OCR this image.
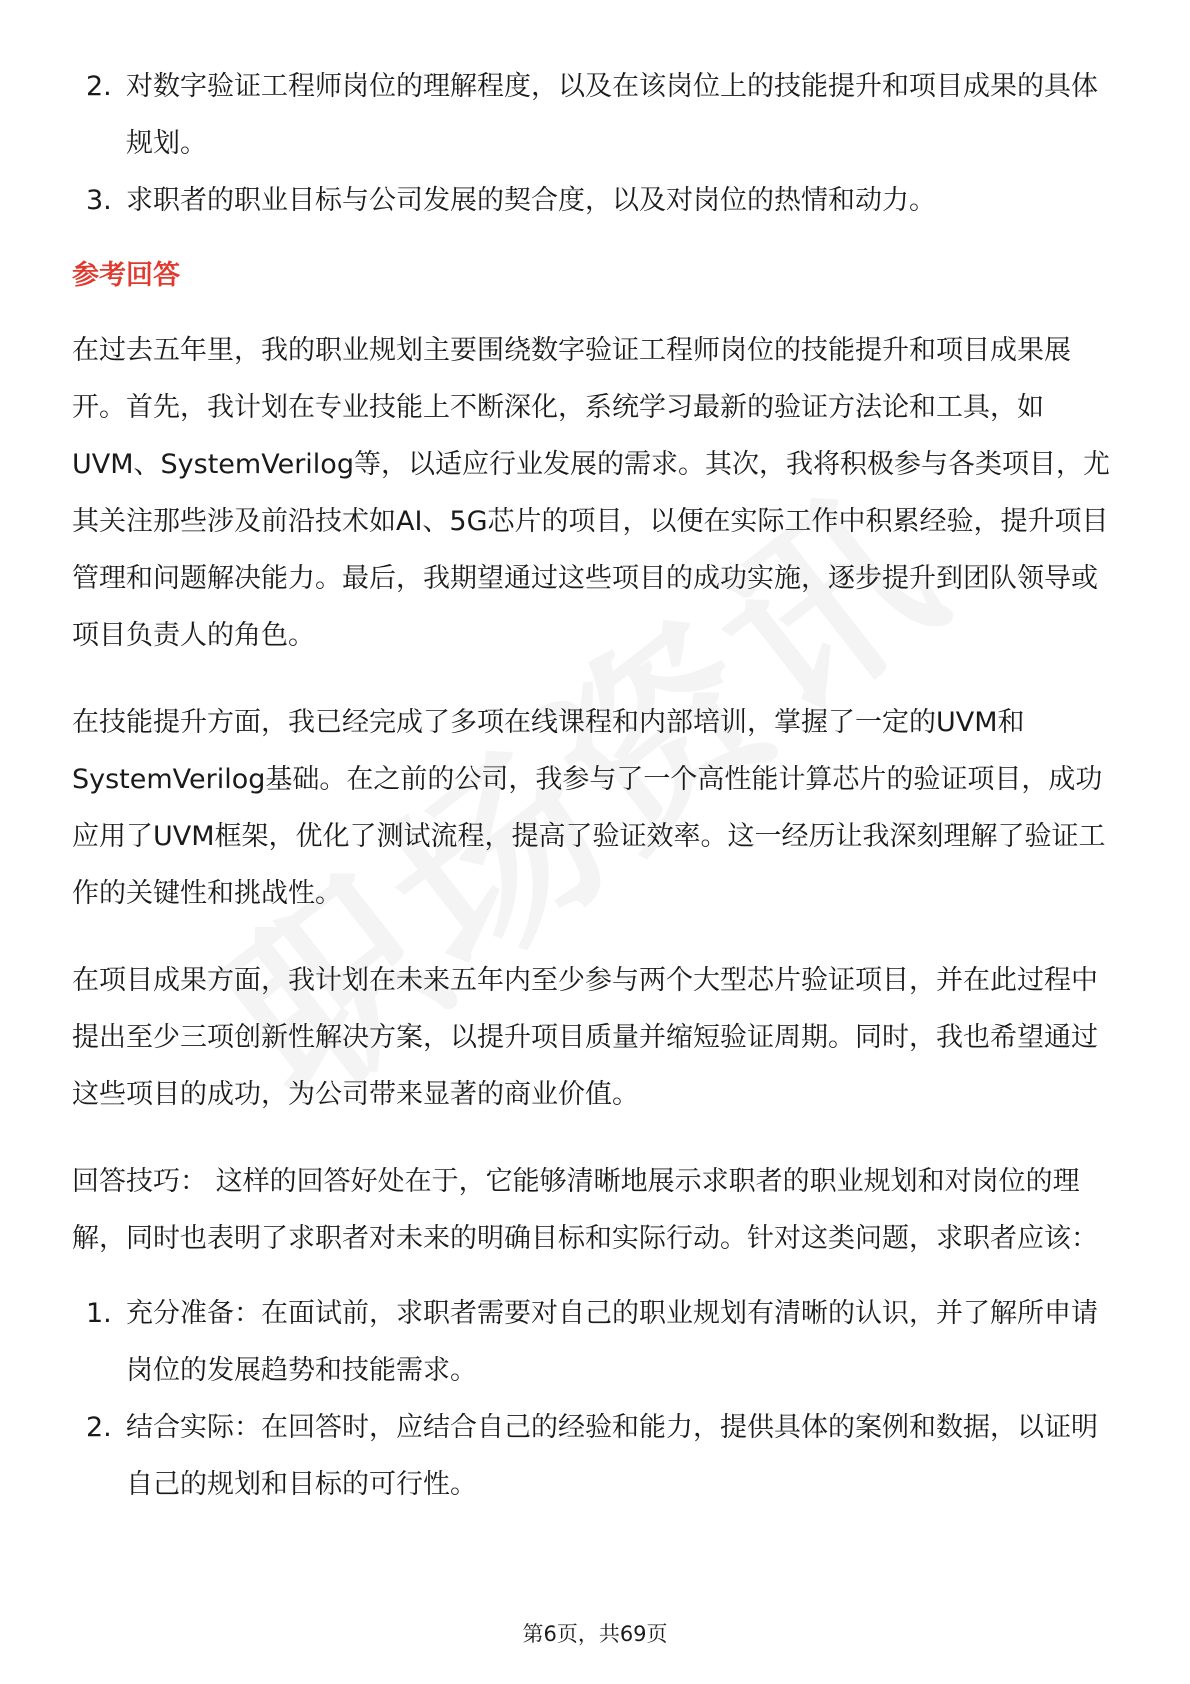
2. 对数字验证工程师岗位的理解程度，以及在该岗位上的技能提升和项目成果的具体规划。
3. 求职者的职业目标与公司发展的契合度，以及对岗位的热情和动力。
参考回答

在过去五年里，我的职业规划主要围绕数字验证工程师岗位的技能提升和项目成果展开。首先，我计划在专业技能上不断深化，系统学习最新的验证方法论和工具，如UVM、SystemVerilog等，以适应行业发展的需求。其次，我将积极参与各类项目，尤其关注那些涉及前沿技术如AI、5G芯片的项目，以便在实际工作中积累经验，提升项目管理和问题解决能力。最后，我期望通过这些项目的成功实施，逐步提升到团队领导或项目负责人的角色。

在技能提升方面，我已经完成了多项在线课程和内部培训，掌握了一定的UVM和SystemVerilog基础。在之前的公司，我参与了一个高性能计算芯片的验证项目，成功应用了UVM框架，优化了测试流程，提高了验证效率。这一经历让我深刻理解了验证工作的关键性和挑战性。

在项目成果方面，我计划在未来五年内至少参与两个大型芯片验证项目，并在此过程中提出至少三项创新性解决方案，以提升项目质量并缩短验证周期。同时，我也希望通过这些项目的成功，为公司带来显著的商业价值。

回答技巧： 这样的回答好处在于，它能够清晰地展示求职者的职业规划和对岗位的理解，同时也表明了求职者对未来的明确目标和实际行动。针对这类问题，求职者应该：

1. 充分准备：在面试前，求职者需要对自己的职业规划有清晰的认识，并了解所申请岗位的发展趋势和技能需求。
2. 结合实际：在回答时，应结合自己的经验和能力，提供具体的案例和数据，以证明自己的规划和目标的可行性。
第6页，共69页
